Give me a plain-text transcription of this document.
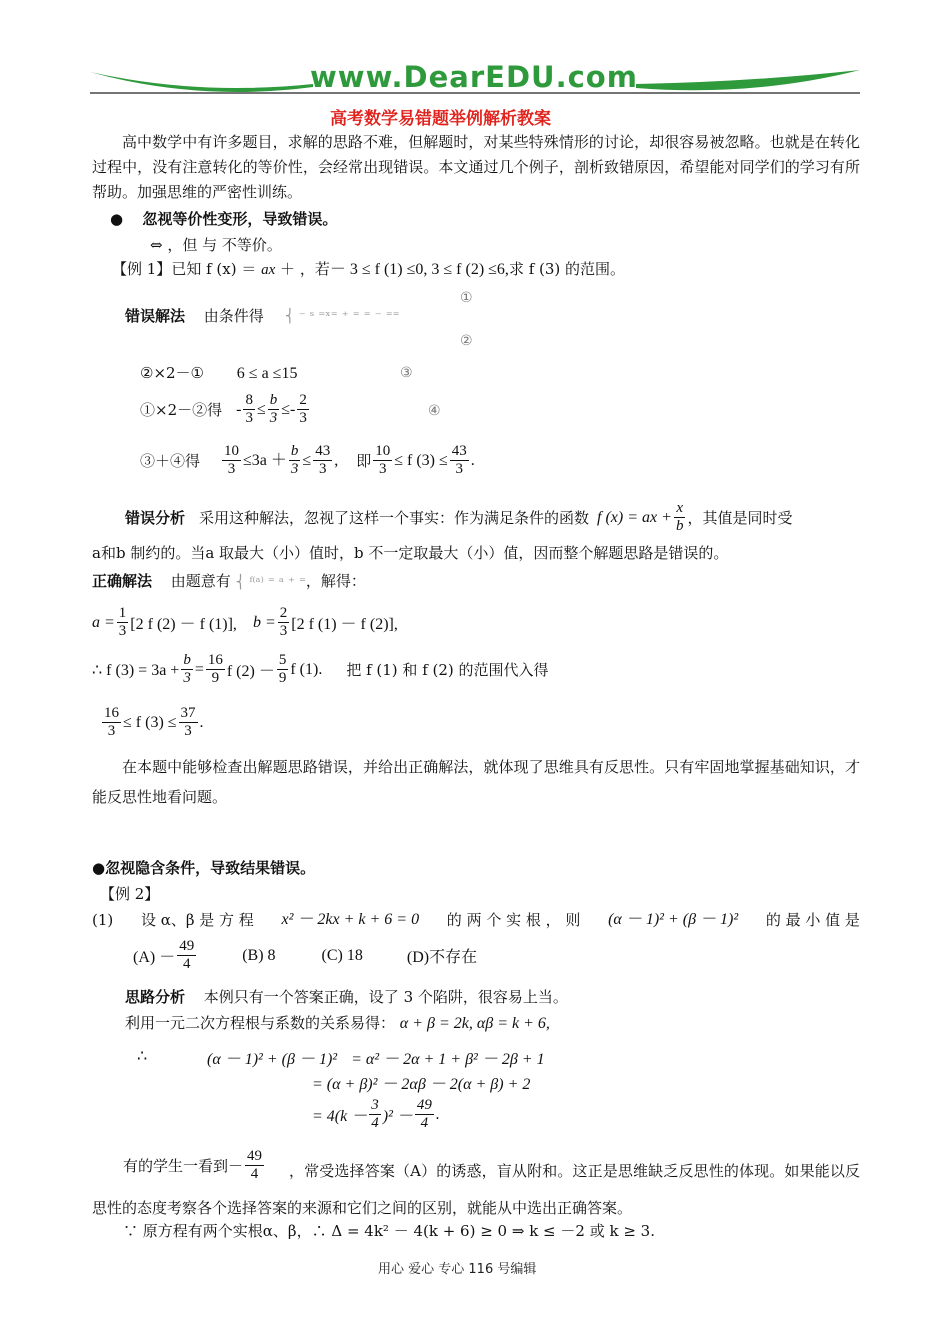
www.DearEDU.com
高考数学易错题举例解析教案
高中数学中有许多题目，求解的思路不难，但解题时，对某些特殊情形的讨论，却很容易被忽略。也就是在转化过程中，没有注意转化的等价性，会经常出现错误。本文通过几个例子，剖析致错原因，希望能对同学们的学习有所帮助。加强思维的严密性训练。
● 忽视等价性变形，导致错误。
⇔ ，但 与 不等价。
【例 1】已知 f (x) ＝ ax ＋ ，若－ 3 ≤ f (1) ≤0, 3 ≤ f (2) ≤6,求 f (3) 的范围。
①
错误解法 由条件得 ⎨ ⁻ ˢ ⁼ˣ⁼ ⁺ ⁼ ⁼ ⁻ ⁼⁼
②
②×2－① 6 ≤ a ≤15	③
①×2－②得 - $\frac{8}{3} \le \frac{b}{3} \le- \frac{2}{3}$	④
③＋④得 $\frac{10}{3} \le 3a + \frac{b}{3} \le \frac{43}{3}$ , 即 $\frac{10}{3} \le f$ $(3) \le \frac{43}{3}$ .
错误分析 采用这种解法，忽视了这样一个事实：作为满足条件的函数 f (x) = ax + $\frac{x}{b}$ ，其值是同时受
a和b 制约的。当a 取最大（小）值时，b 不一定取最大（小）值，因而整个解题思路是错误的。
正确解法 由题意有 ⎨ ᶠ⁽ᵃ⁾ ⁼ ᵃ ⁺ ⁼，解得：
$a = \frac{1}{3} [2$ f (2) － f (1)], $b = \frac{2}{3} [2$ f (1) － f (2)],
∴ f $(3) = 3a + \frac{b}{3} = \frac{16}{9}$ f $(2) - \frac{5}{9}$ f (1). 把 f (1) 和 f (2) 的范围代入得
$\frac{16}{3} \le f$ $(3) \le \frac{37}{3}$ .
在本题中能够检查出解题思路错误，并给出正确解法，就体现了思维具有反思性。只有牢固地掌握基础知识，才能反思性地看问题。
●忽视隐含条件，导致结果错误。
【例 2】
(1) 设 α、β 是 方 程 x² － 2kx + k + 6 = 0 的 两 个 实 根 ， 则 (α － 1)² + (β － 1)² 的 最 小 值 是
$(A) - \frac{49}{4}$	(B) 8	(C) 18	(D)不存在
思路分析 本例只有一个答案正确，设了 3 个陷阱，很容易上当。
利用一元二次方程根与系数的关系易得： α + β = 2k, αβ = k + 6,
∴	(α － 1)² + (β － 1)² = α² － 2α + 1 + β² － 2β + 1
= (α + β)² － 2αβ － 2(α + β) + 2
= $4(k - \frac{3}{4} )^2 - \frac{49}{4}$ .
有的学生一看到－ $\frac{49}{4}$	，常受选择答案（A）的诱惑，盲从附和。这正是思维缺乏反思性的体现。如果能以反思性的态度考察各个选择答案的来源和它们之间的区别，就能从中选出正确答案。
∵ 原方程有两个实根α、β，∴ Δ = 4k² － 4(k + 6) ≥ 0 ⇒ k ≤ －2 或 k ≥ 3.
用心 爱心 专心 116 号编辑
